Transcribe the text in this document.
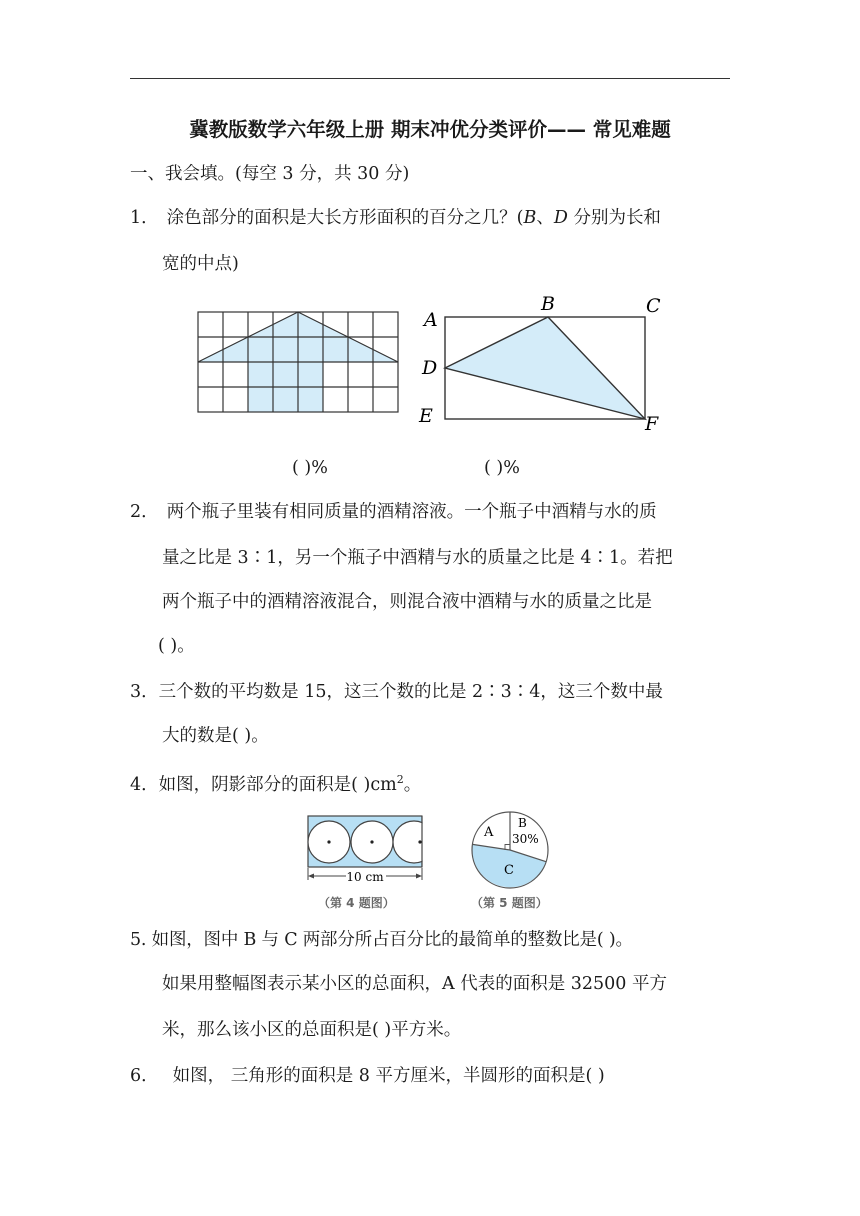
冀教版数学六年级上册 期末冲优分类评价—— 常见难题
一、我会填。(每空 3 分，共 30 分)
1． 涂色部分的面积是大长方形面积的百分之几？(B、D 分别为长和
宽的中点)
A
B	C
D
E	F
( )%	( )%
2． 两个瓶子里装有相同质量的酒精溶液。一个瓶子中酒精与水的质
量之比是 3∶1，另一个瓶子中酒精与水的质量之比是 4∶1。若把
两个瓶子中的酒精溶液混合，则混合液中酒精与水的质量之比是
( )。
3．三个数的平均数是 15，这三个数的比是 2∶3∶4，这三个数中最
大的数是( )。
4．如图，阴影部分的面积是( )$cm^2$。
10 cm
（第 4 题图）
A
B
30%
C
（第 5 题图）
5. 如图，图中 B 与 C 两部分所占百分比的最简单的整数比是( )。
如果用整幅图表示某小区的总面积，A 代表的面积是 32500 平方
米，那么该小区的总面积是( )平方米。
6． 如图， 三角形的面积是 8 平方厘米，半圆形的面积是( )
